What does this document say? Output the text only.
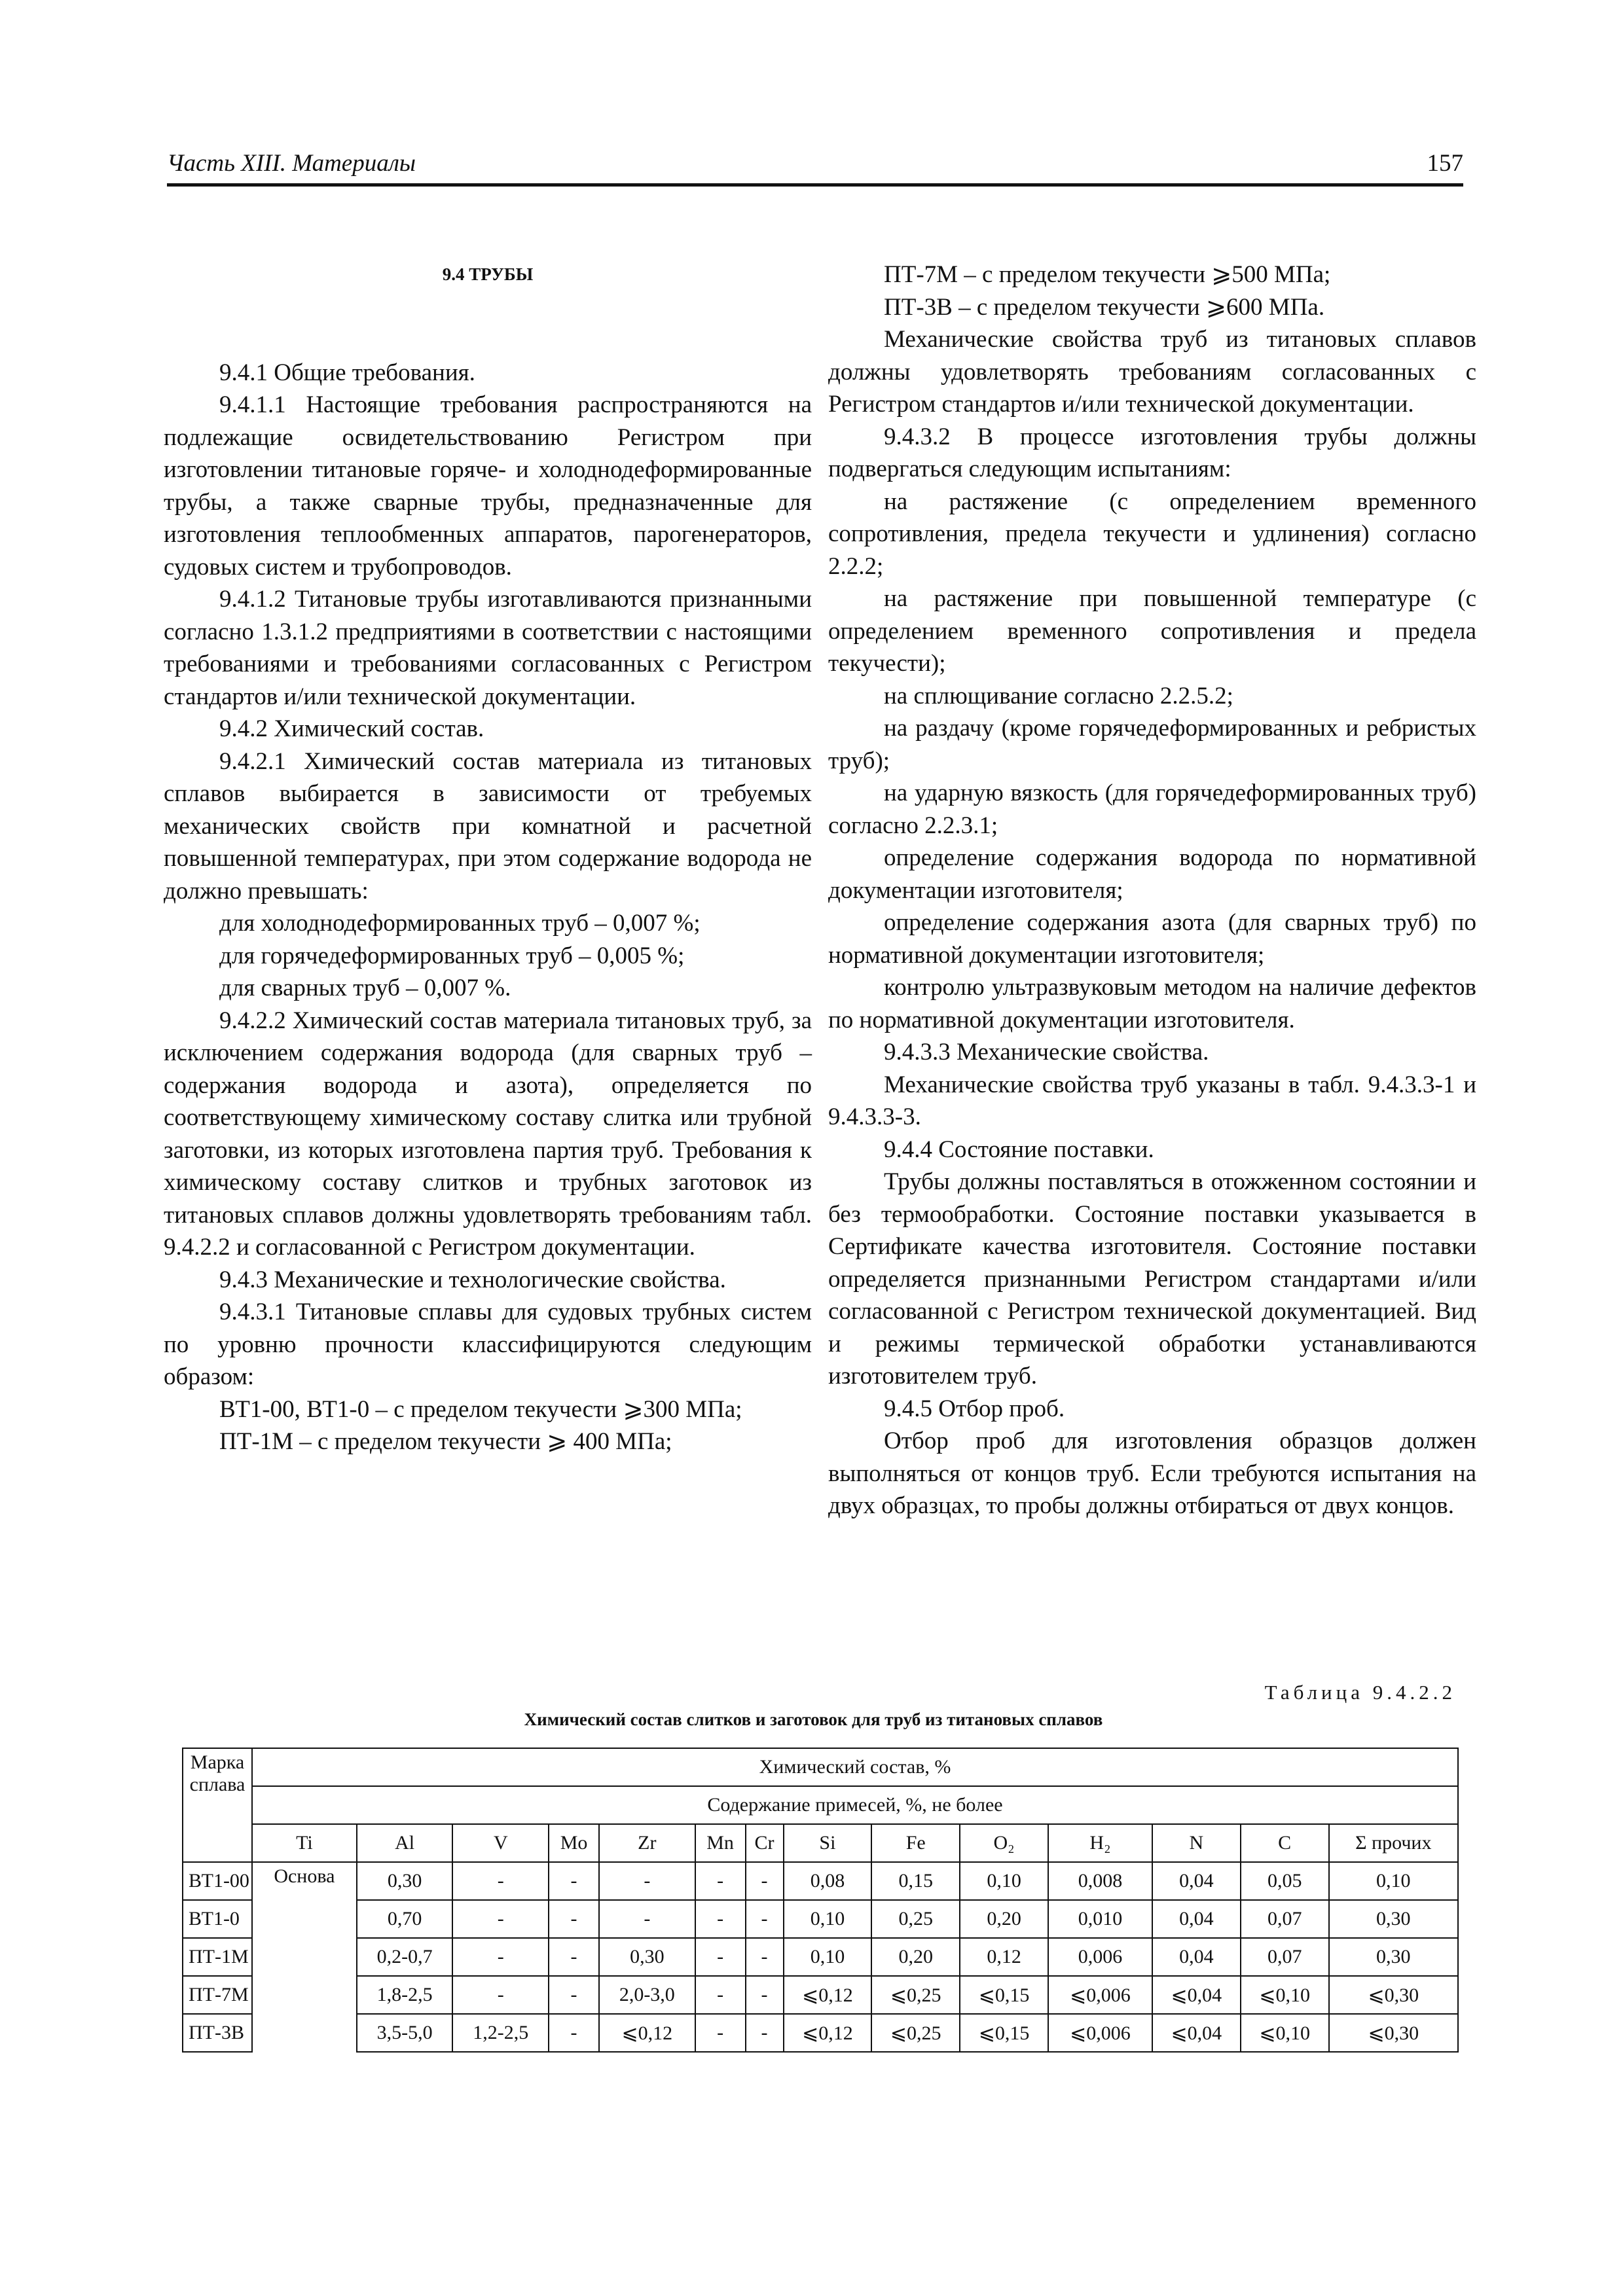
Часть XIII. Материалы	157

9.4 ТРУБЫ

9.4.1 Общие требования.

9.4.1.1 Настоящие требования распространяются на подлежащие освидетельствованию Регистром при изготовлении титановые горяче- и холоднодеформированные трубы, а также сварные трубы, предназначенные для изготовления теплообменных аппаратов, парогенераторов, судовых систем и трубопроводов.

9.4.1.2 Титановые трубы изготавливаются признанными согласно 1.3.1.2 предприятиями в соответствии с настоящими требованиями и требованиями согласованных с Регистром стандартов и/или технической документации.

9.4.2 Химический состав.

9.4.2.1 Химический состав материала из титановых сплавов выбирается в зависимости от требуемых механических свойств при комнатной и расчетной повышенной температурах, при этом содержание водорода не должно превышать:

для холоднодеформированных труб – 0,007 %;

для горячедеформированных труб – 0,005 %;

для сварных труб – 0,007 %.

9.4.2.2 Химический состав материала титановых труб, за исключением содержания водорода (для сварных труб – содержания водорода и азота), определяется по соответствующему химическому составу слитка или трубной заготовки, из которых изготовлена партия труб. Требования к химическому составу слитков и трубных заготовок из титановых сплавов должны удовлетворять требованиям табл. 9.4.2.2 и согласованной с Регистром документации.

9.4.3 Механические и технологические свойства.

9.4.3.1 Титановые сплавы для судовых трубных систем по уровню прочности классифицируются следующим образом:

ВТ1-00, ВТ1-0 – с пределом текучести ⩾300 МПа;

ПТ-1М – с пределом текучести ⩾ 400 МПа;

ПТ-7М – с пределом текучести ⩾500 МПа;

ПТ-3В – с пределом текучести ⩾600 МПа.

Механические свойства труб из титановых сплавов должны удовлетворять требованиям согласованных с Регистром стандартов и/или технической документации.

9.4.3.2 В процессе изготовления трубы должны подвергаться следующим испытаниям:

на растяжение (с определением временного сопротивления, предела текучести и удлинения) согласно 2.2.2;

на растяжение при повышенной температуре (с определением временного сопротивления и предела текучести);

на сплющивание согласно 2.2.5.2;

на раздачу (кроме горячедеформированных и ребристых труб);

на ударную вязкость (для горячедеформированных труб) согласно 2.2.3.1;

определение содержания водорода по нормативной документации изготовителя;

определение содержания азота (для сварных труб) по нормативной документации изготовителя;

контролю ультразвуковым методом на наличие дефектов по нормативной документации изготовителя.

9.4.3.3 Механические свойства.

Механические свойства труб указаны в табл. 9.4.3.3-1 и 9.4.3.3-3.

9.4.4 Состояние поставки.

Трубы должны поставляться в отожженном состоянии и без термообработки. Состояние поставки указывается в Сертификате качества изготовителя. Состояние поставки определяется признанными Регистром стандартами и/или согласованной с Регистром технической документацией. Вид и режимы термической обработки устанавливаются изготовителем труб.

9.4.5 Отбор проб.

Отбор проб для изготовления образцов должен выполняться от концов труб. Если требуются испытания на двух образцах, то пробы должны отбираться от двух концов.

Таблица 9.4.2.2
Химический состав слитков и заготовок для труб из титановых сплавов
Марка сплава	Химический состав, %													
	Содержание примесей, %, не более													
	Ti	Al	V	Mo	Zr	Mn	Cr	Si	Fe	O₂	H₂	N	C	Σ прочих
ВТ1-00	Основа	0,30	-	-	-	-	-	0,08	0,15	0,10	0,008	0,04	0,05	0,10
ВТ1-0		0,70	-	-	-	-	-	0,10	0,25	0,20	0,010	0,04	0,07	0,30
ПТ-1М		0,2-0,7	-	-	0,30	-	-	0,10	0,20	0,12	0,006	0,04	0,07	0,30
ПТ-7М		1,8-2,5	-	-	2,0-3,0	-	-	⩽0,12	⩽0,25	⩽0,15	⩽0,006	⩽0,04	⩽0,10	⩽0,30
ПТ-3В		3,5-5,0	1,2-2,5	-	⩽0,12	-	-	⩽0,12	⩽0,25	⩽0,15	⩽0,006	⩽0,04	⩽0,10	⩽0,30
